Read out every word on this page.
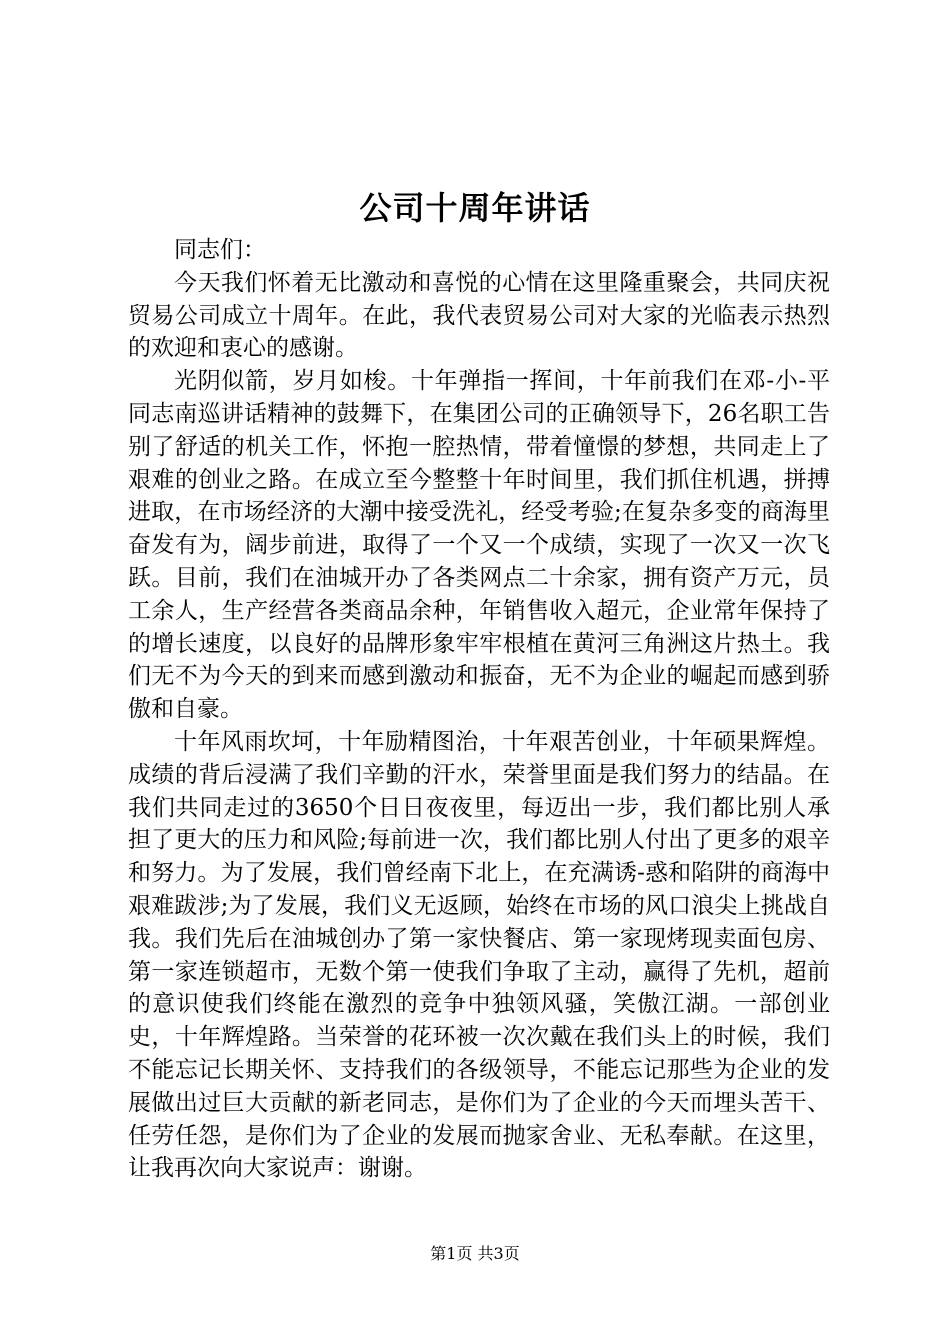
公司十周年讲话

同志们：

今天我们怀着无比激动和喜悦的心情在这里隆重聚会，共同庆祝贸易公司成立十周年。在此，我代表贸易公司对大家的光临表示热烈的欢迎和衷心的感谢。

光阴似箭，岁月如梭。十年弹指一挥间，十年前我们在邓-小-平同志南巡讲话精神的鼓舞下，在集团公司的正确领导下，26名职工告别了舒适的机关工作，怀抱一腔热情，带着憧憬的梦想，共同走上了艰难的创业之路。在成立至今整整十年时间里，我们抓住机遇，拼搏进取，在市场经济的大潮中接受洗礼，经受考验;在复杂多变的商海里奋发有为，阔步前进，取得了一个又一个成绩，实现了一次又一次飞跃。目前，我们在油城开办了各类网点二十余家，拥有资产万元，员工余人，生产经营各类商品余种，年销售收入超元，企业常年保持了的增长速度，以良好的品牌形象牢牢根植在黄河三角洲这片热土。我们无不为今天的到来而感到激动和振奋，无不为企业的崛起而感到骄傲和自豪。

十年风雨坎坷，十年励精图治，十年艰苦创业，十年硕果辉煌。成绩的背后浸满了我们辛勤的汗水，荣誉里面是我们努力的结晶。在我们共同走过的3650个日日夜夜里，每迈出一步，我们都比别人承担了更大的压力和风险;每前进一次，我们都比别人付出了更多的艰辛和努力。为了发展，我们曾经南下北上，在充满诱-惑和陷阱的商海中艰难跋涉;为了发展，我们义无返顾，始终在市场的风口浪尖上挑战自我。我们先后在油城创办了第一家快餐店、第一家现烤现卖面包房、第一家连锁超市，无数个第一使我们争取了主动，赢得了先机，超前的意识使我们终能在激烈的竞争中独领风骚，笑傲江湖。一部创业史，十年辉煌路。当荣誉的花环被一次次戴在我们头上的时候，我们不能忘记长期关怀、支持我们的各级领导，不能忘记那些为企业的发展做出过巨大贡献的新老同志，是你们为了企业的今天而埋头苦干、任劳任怨，是你们为了企业的发展而抛家舍业、无私奉献。在这里，让我再次向大家说声：谢谢。

第1页 共3页
